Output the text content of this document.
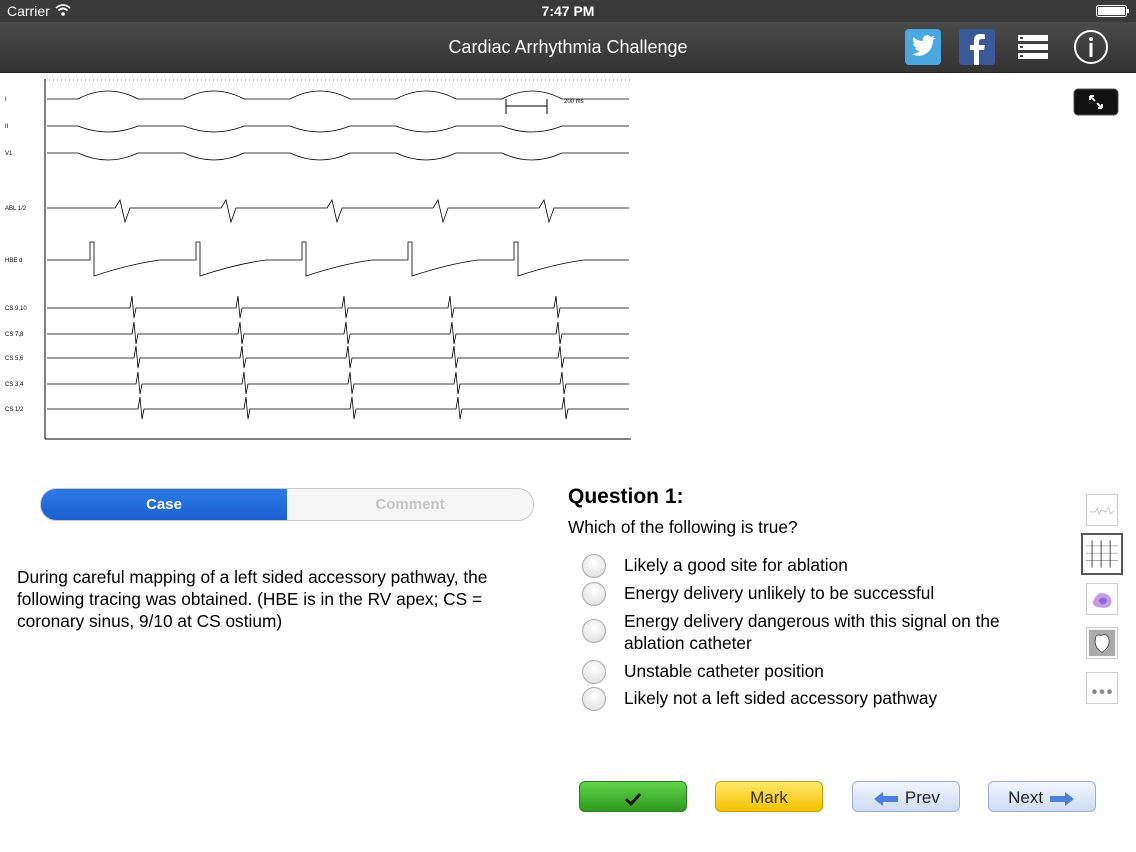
Carrier	7:47 PM
Cardiac Arrhythmia Challenge
I
II
V1
ABL 1/2
HBE d
CS 9,10
CS 7,8
CS 5,6
CS 3,4
CS 1/2
200 ms
Case	Comment
During careful mapping of a left sided accessory pathway, the following tracing was obtained. (HBE is in the RV apex; CS = coronary sinus, 9/10 at CS ostium)
Question 1:
Which of the following is true?
Likely a good site for ablation
Energy delivery unlikely to be successful
Energy delivery dangerous with this signal on the ablation catheter
Unstable catheter position
Likely not a left sided accessory pathway
Mark	Prev	Next
